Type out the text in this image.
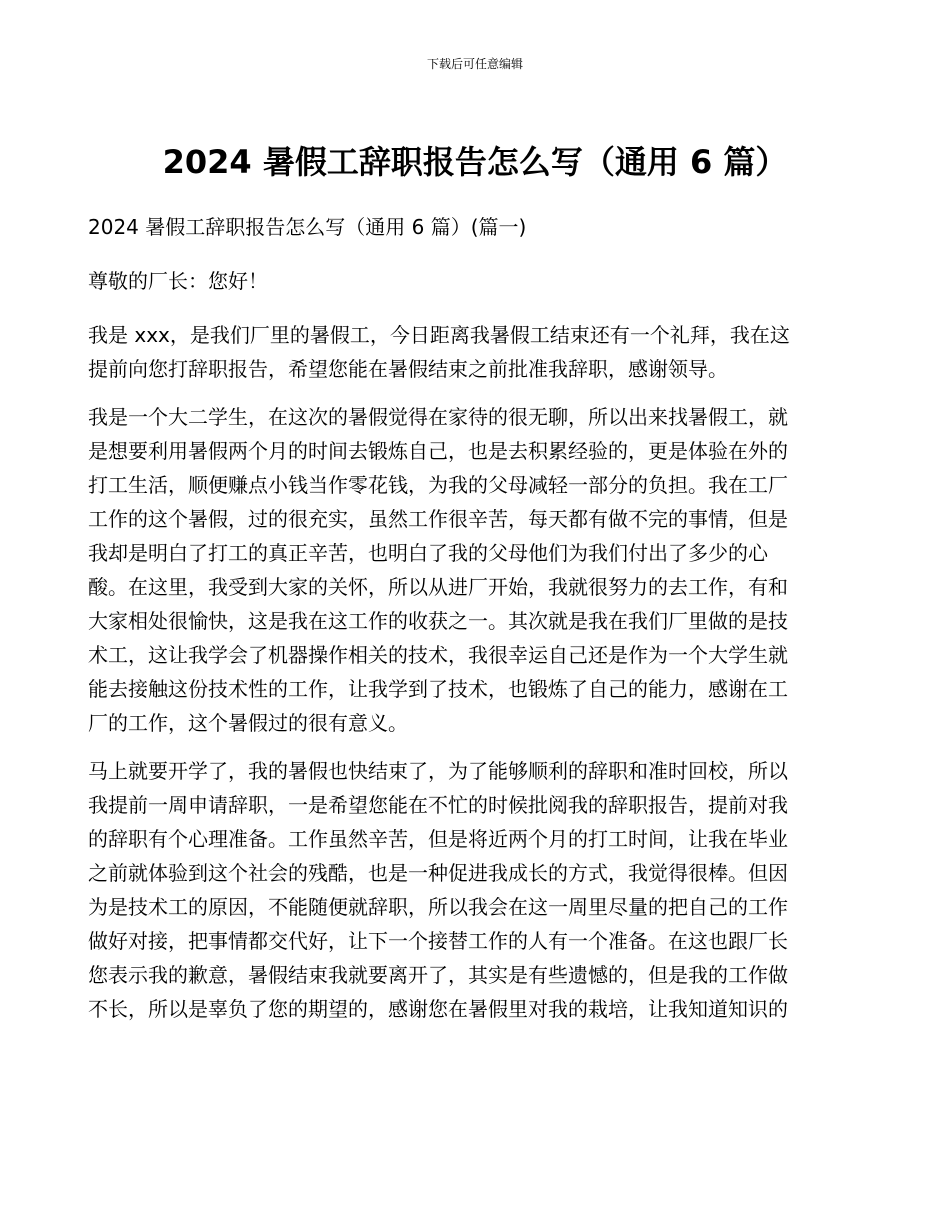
下载后可任意编辑
2024 暑假工辞职报告怎么写（通用 6 篇）

2024 暑假工辞职报告怎么写（通用 6 篇）(篇一)

尊敬的厂长：您好！

我是 xxx，是我们厂里的暑假工，今日距离我暑假工结束还有一个礼拜，我在这
提前向您打辞职报告，希望您能在暑假结束之前批准我辞职，感谢领导。
我是一个大二学生，在这次的暑假觉得在家待的很无聊，所以出来找暑假工，就
是想要利用暑假两个月的时间去锻炼自己，也是去积累经验的，更是体验在外的
打工生活，顺便赚点小钱当作零花钱，为我的父母减轻一部分的负担。我在工厂
工作的这个暑假，过的很充实，虽然工作很辛苦，每天都有做不完的事情，但是
我却是明白了打工的真正辛苦，也明白了我的父母他们为我们付出了多少的心
酸。在这里，我受到大家的关怀，所以从进厂开始，我就很努力的去工作，有和
大家相处很愉快，这是我在这工作的收获之一。其次就是我在我们厂里做的是技
术工，这让我学会了机器操作相关的技术，我很幸运自己还是作为一个大学生就
能去接触这份技术性的工作，让我学到了技术，也锻炼了自己的能力，感谢在工
厂的工作，这个暑假过的很有意义。
马上就要开学了，我的暑假也快结束了，为了能够顺利的辞职和准时回校，所以
我提前一周申请辞职，一是希望您能在不忙的时候批阅我的辞职报告，提前对我
的辞职有个心理准备。工作虽然辛苦，但是将近两个月的打工时间，让我在毕业
之前就体验到这个社会的残酷，也是一种促进我成长的方式，我觉得很棒。但因
为是技术工的原因，不能随便就辞职，所以我会在这一周里尽量的把自己的工作
做好对接，把事情都交代好，让下一个接替工作的人有一个准备。在这也跟厂长
您表示我的歉意，暑假结束我就要离开了，其实是有些遗憾的，但是我的工作做
不长，所以是辜负了您的期望的，感谢您在暑假里对我的栽培，让我知道知识的
